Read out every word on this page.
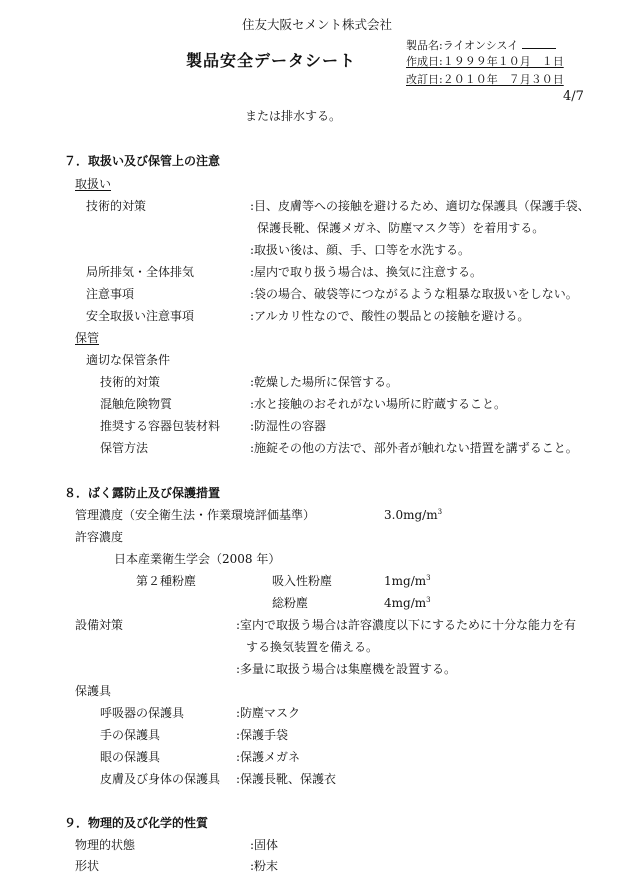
住友大阪セメント株式会社
製品名:ライオンシスイ
製品安全データシート	作成日:１９９９年１０月　１日
改訂日:２０１０年　７月３０日
4/7
または排水する。
７．取扱い及び保管上の注意
取扱い
技術的対策	:目、皮膚等への接触を避けるため、適切な保護具（保護手袋、
保護長靴、保護メガネ、防塵マスク等）を着用する。
:取扱い後は、顔、手、口等を水洗する。
局所排気・全体排気	:屋内で取り扱う場合は、換気に注意する。
注意事項	:袋の場合、破袋等につながるような粗暴な取扱いをしない。
安全取扱い注意事項	:アルカリ性なので、酸性の製品との接触を避ける。
保管
適切な保管条件
技術的対策	:乾燥した場所に保管する。
混触危険物質	:水と接触のおそれがない場所に貯蔵すること。
推奨する容器包装材料 :防湿性の容器
保管方法	:施錠その他の方法で、部外者が触れない措置を講ずること。
８．ばく露防止及び保護措置
管理濃度（安全衛生法・作業環境評価基準）	$3.0mg/m^3$
許容濃度
日本産業衛生学会（2008 年）
第２種粉塵	吸入性粉塵	$1mg/m^3$
総粉塵	$4mg/m^3$
設備対策	:室内で取扱う場合は許容濃度以下にするために十分な能力を有
する換気装置を備える。
:多量に取扱う場合は集塵機を設置する。
保護具
呼吸器の保護具	:防塵マスク
手の保護具	:保護手袋
眼の保護具	:保護メガネ
皮膚及び身体の保護具 :保護長靴、保護衣
９．物理的及び化学的性質
物理的状態	:固体
形状	:粉末
